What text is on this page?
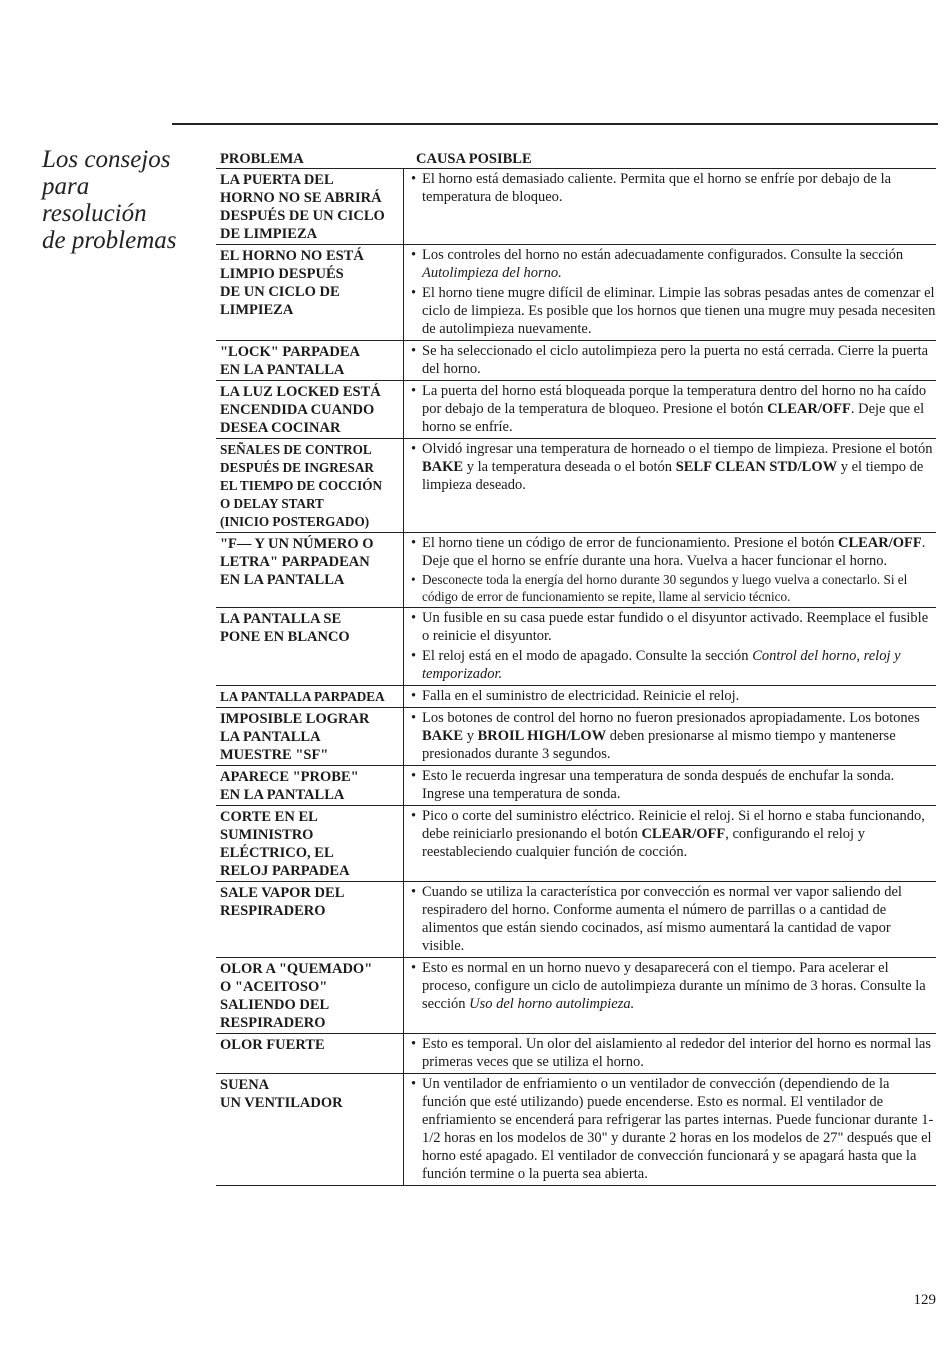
Los consejos
para resolución
de problemas
PROBLEMA	CAUSA POSIBLE
LA PUERTA DEL
HORNO NO SE ABRIRÁ
DESPUÉS DE UN CICLO
DE LIMPIEZA
• El horno está demasiado caliente. Permita que el horno se enfríe por debajo de la temperatura de bloqueo.
EL HORNO NO ESTÁ
LIMPIO DESPUÉS
DE UN CICLO DE
LIMPIEZA
• Los controles del horno no están adecuadamente configurados. Consulte la sección Autolimpieza del horno.
• El horno tiene mugre difícil de eliminar. Limpie las sobras pesadas antes de comenzar el ciclo de limpieza. Es posible que los hornos que tienen una mugre muy pesada necesiten de autolimpieza nuevamente.
"LOCK" PARPADEA
EN LA PANTALLA
• Se ha seleccionado el ciclo autolimpieza pero la puerta no está cerrada. Cierre la puerta del horno.
LA LUZ LOCKED ESTÁ
ENCENDIDA CUANDO
DESEA COCINAR
• La puerta del horno está bloqueada porque la temperatura dentro del horno no ha caído por debajo de la temperatura de bloqueo. Presione el botón CLEAR/OFF. Deje que el horno se enfríe.
SEÑALES DE CONTROL
DESPUÉS DE INGRESAR
EL TIEMPO DE COCCIÓN
O DELAY START
(INICIO POSTERGADO)
• Olvidó ingresar una temperatura de horneado o el tiempo de limpieza. Presione el botón BAKE y la temperatura deseada o el botón SELF CLEAN STD/LOW y el tiempo de limpieza deseado.
"F— Y UN NÚMERO O
LETRA" PARPADEAN
EN LA PANTALLA
• El horno tiene un código de error de funcionamiento. Presione el botón CLEAR/OFF. Deje que el horno se enfríe durante una hora. Vuelva a hacer funcionar el horno.
• Desconecte toda la energía del horno durante 30 segundos y luego vuelva a conectarlo. Si el código de error de funcionamiento se repite, llame al servicio técnico.
LA PANTALLA SE
PONE EN BLANCO
• Un fusible en su casa puede estar fundido o el disyuntor activado. Reemplace el fusible o reinicie el disyuntor.
• El reloj está en el modo de apagado. Consulte la sección Control del horno, reloj y temporizador.
LA PANTALLA PARPADEA	• Falla en el suministro de electricidad. Reinicie el reloj.
IMPOSIBLE LOGRAR
LA PANTALLA
MUESTRE "SF"
• Los botones de control del horno no fueron presionados apropiadamente. Los botones BAKE y BROIL HIGH/LOW deben presionarse al mismo tiempo y mantenerse presionados durante 3 segundos.
APARECE "PROBE"
EN LA PANTALLA
• Esto le recuerda ingresar una temperatura de sonda después de enchufar la sonda. Ingrese una temperatura de sonda.
CORTE EN EL
SUMINISTRO
ELÉCTRICO, EL
RELOJ PARPADEA
• Pico o corte del suministro eléctrico. Reinicie el reloj. Si el horno e staba funcionando, debe reiniciarlo presionando el botón CLEAR/OFF, configurando el reloj y reestableciendo cualquier función de cocción.
SALE VAPOR DEL
RESPIRADERO
• Cuando se utiliza la característica por convección es normal ver vapor saliendo del respiradero del horno. Conforme aumenta el número de parrillas o a cantidad de alimentos que están siendo cocinados, así mismo aumentará la cantidad de vapor visible.
OLOR A "QUEMADO"
O "ACEITOSO"
SALIENDO DEL
RESPIRADERO
• Esto es normal en un horno nuevo y desaparecerá con el tiempo. Para acelerar el proceso, configure un ciclo de autolimpieza durante un mínimo de 3 horas. Consulte la sección Uso del horno autolimpieza.
OLOR FUERTE	• Esto es temporal. Un olor del aislamiento al rededor del interior del horno es normal las primeras veces que se utiliza el horno.
SUENA
UN VENTILADOR
• Un ventilador de enfriamiento o un ventilador de convección (dependiendo de la función que esté utilizando) puede encenderse. Esto es normal. El ventilador de enfriamiento se encenderá para refrigerar las partes internas. Puede funcionar durante 1-1/2 horas en los modelos de 30" y durante 2 horas en los modelos de 27" después que el horno esté apagado. El ventilador de convección funcionará y se apagará hasta que la función termine o la puerta sea abierta.
129
